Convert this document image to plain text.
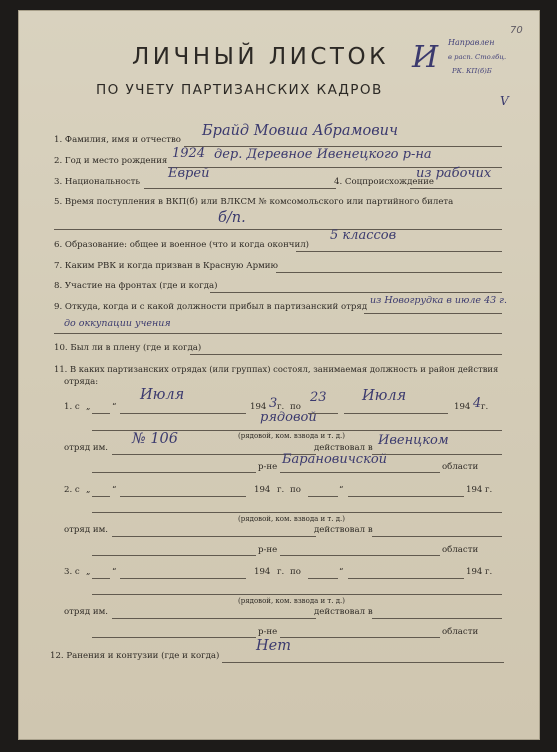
ЛИЧНЫЙ ЛИСТОК
ПО УЧЕТУ ПАРТИЗАНСКИХ КАДРОВ
И Направлен
в расп. Столбц.
РК. КП(б)Б
70
V
1. Фамилия, имя и отчество
Брайд Мовша Абрамович
2. Год и место рождения 1924 дер. Деревное Ивенецкого р-на
3. Национальность
Еврей
4. Соцпроисхождение
из рабочих
5. Время поступления в ВКП(б) или ВЛКСМ № комсомольского или партийного билета
б/п.
6. Образование: общее и военное (что и когда окончил)
5 классов
7. Каким РВК и когда призван в Красную Армию
8. Участие на фронтах (где и когда)
9. Откуда, когда и с какой должности прибыл в партизанский отряд
из Новогрудка в июле 43 г.
до оккупации учения
10. Был ли в плену (где и когда)
11. В каких партизанских отрядах (или группах) состоял, занимаемая должность и район действия
отряда:
1. с „	“
Июля
194 3 г. по
23 Июля
194 4 г.
рядовой
(рядовой, ком. взвода и т. д.)
отряд им.
№ 106
действовал в Ивенцком
р-не Барановичской	области
2. с „	“	194 г. по	“	194 г.
(рядовой, ком. взвода и т. д.)
отряд им.	действовал в
р-не	области
3. с „	“	194 г. по	“	194 г.
(рядовой, ком. взвода и т. д.)
отряд им.	действовал в
р-не	области
12. Ранения и контузии (где и когда)
Нет
